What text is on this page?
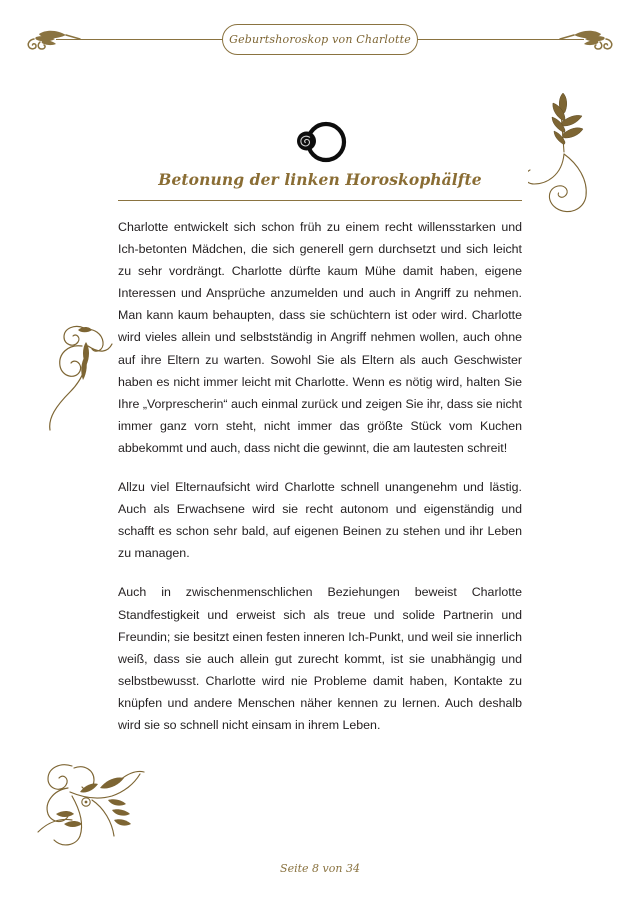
Geburtshoroskop von Charlotte
Betonung der linken Horoskophälfte

Charlotte entwickelt sich schon früh zu einem recht willensstarken und Ich-betonten Mädchen, die sich generell gern durchsetzt und sich leicht zu sehr vordrängt. Charlotte dürfte kaum Mühe damit haben, eigene Interessen und Ansprüche anzumelden und auch in Angriff zu nehmen. Man kann kaum behaupten, dass sie schüchtern ist oder wird. Charlotte wird vieles allein und selbstständig in Angriff nehmen wollen, auch ohne auf ihre Eltern zu warten. Sowohl Sie als Eltern als auch Geschwister haben es nicht immer leicht mit Charlotte. Wenn es nötig wird, halten Sie Ihre „Vorprescherin“ auch einmal zurück und zeigen Sie ihr, dass sie nicht immer ganz vorn steht, nicht immer das größte Stück vom Kuchen abbekommt und auch, dass nicht die gewinnt, die am lautesten schreit!

Allzu viel Elternaufsicht wird Charlotte schnell unangenehm und lästig. Auch als Erwachsene wird sie recht autonom und eigenständig und schafft es schon sehr bald, auf eigenen Beinen zu stehen und ihr Leben zu managen.

Auch in zwischenmenschlichen Beziehungen beweist Charlotte Standfestigkeit und erweist sich als treue und solide Partnerin und Freundin; sie besitzt einen festen inneren Ich-Punkt, und weil sie innerlich weiß, dass sie auch allein gut zurecht kommt, ist sie unabhängig und selbstbewusst. Charlotte wird nie Probleme damit haben, Kontakte zu knüpfen und andere Menschen näher kennen zu lernen. Auch deshalb wird sie so schnell nicht einsam in ihrem Leben.

Seite 8 von 34
